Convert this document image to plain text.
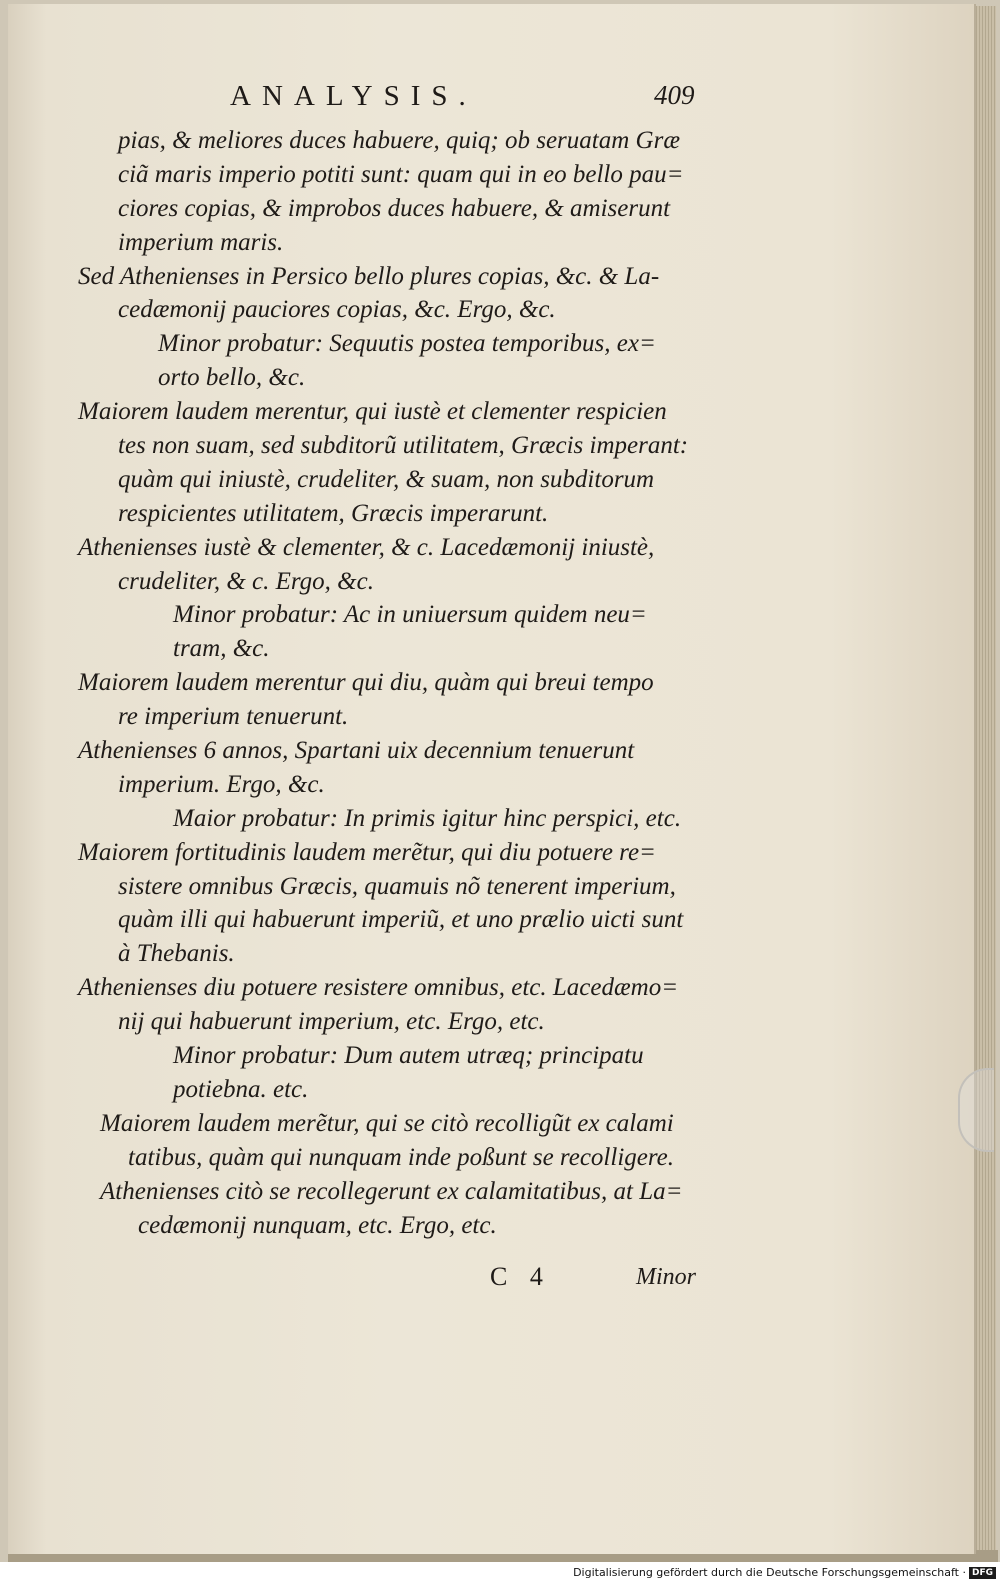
ANALYSIS.	409
pias, & meliores duces habuere, quiq; ob seruatam Græ
ciã maris imperio potiti sunt: quam qui in eo bello pau=
ciores copias, & improbos duces habuere, & amiserunt
imperium maris.
Sed Athenienses in Persico bello plures copias, &c. & La-
cedæmonij pauciores copias, &c. Ergo, &c.
Minor probatur: Sequutis postea temporibus, ex=
orto bello, &c.
Maiorem laudem merentur, qui iustè et clementer respicien
tes non suam, sed subditorũ utilitatem, Græcis imperant:
quàm qui iniustè, crudeliter, & suam, non subditorum
respicientes utilitatem, Græcis imperarunt.
Athenienses iustè & clementer, & c. Lacedæmonij iniustè,
crudeliter, & c. Ergo, &c.
Minor probatur: Ac in uniuersum quidem neu=
tram, &c.
Maiorem laudem merentur qui diu, quàm qui breui tempo
re imperium tenuerunt.
Athenienses 6 annos, Spartani uix decennium tenuerunt
imperium. Ergo, &c.
Maior probatur: In primis igitur hinc perspici, etc.
Maiorem fortitudinis laudem merẽtur, qui diu potuere re=
sistere omnibus Græcis, quamuis nõ tenerent imperium,
quàm illi qui habuerunt imperiũ, et uno prælio uicti sunt
à Thebanis.
Athenienses diu potuere resistere omnibus, etc. Lacedæmo=
nij qui habuerunt imperium, etc. Ergo, etc.
Minor probatur: Dum autem utræq; principatu
potiebna. etc.
Maiorem laudem merẽtur, qui se citò recolligũt ex calami
tatibus, quàm qui nunquam inde poßunt se recolligere.
Athenienses citò se recollegerunt ex calamitatibus, at La=
cedæmonij nunquam, etc. Ergo, etc.
C 4	Minor
Digitalisierung gefördert durch die Deutsche Forschungsgemeinschaft · DFG
